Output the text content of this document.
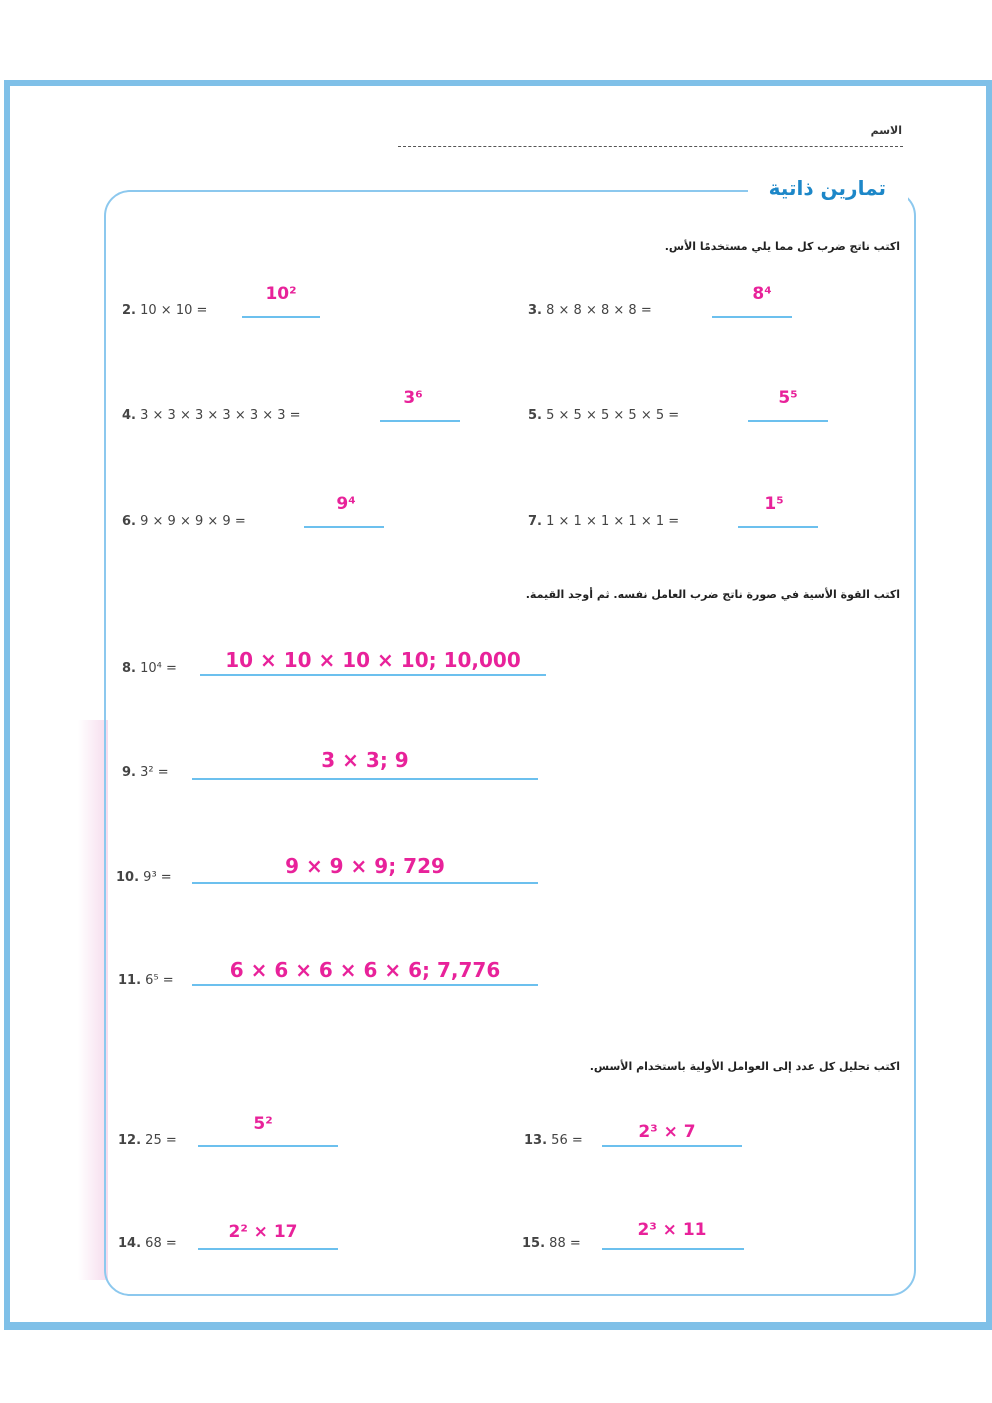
الاسم
تمارين ذاتية
اكتب ناتج ضرب كل مما يلي مستخدمًا الأس.
2. 10 × 10 =
10²
3. 8 × 8 × 8 × 8 =
8⁴
4. 3 × 3 × 3 × 3 × 3 × 3 =
3⁶
5. 5 × 5 × 5 × 5 × 5 =
5⁵
6. 9 × 9 × 9 × 9 =
9⁴
7. 1 × 1 × 1 × 1 × 1 =
1⁵
اكتب القوة الأسية في صورة ناتج ضرب العامل نفسه. ثم أوجد القيمة.
8. 10⁴ =	10 × 10 × 10 × 10; 10,000
9. 3² =
3 × 3; 9
10. 9³ =	9 × 9 × 9; 729
11. 6⁵ =	6 × 6 × 6 × 6 × 6; 7,776
اكتب تحليل كل عدد إلى العوامل الأولية باستخدام الأسس.
12. 25 =
5²
13. 56 =	2³ × 7
14. 68 =
2² × 17
15. 88 =
2³ × 11
